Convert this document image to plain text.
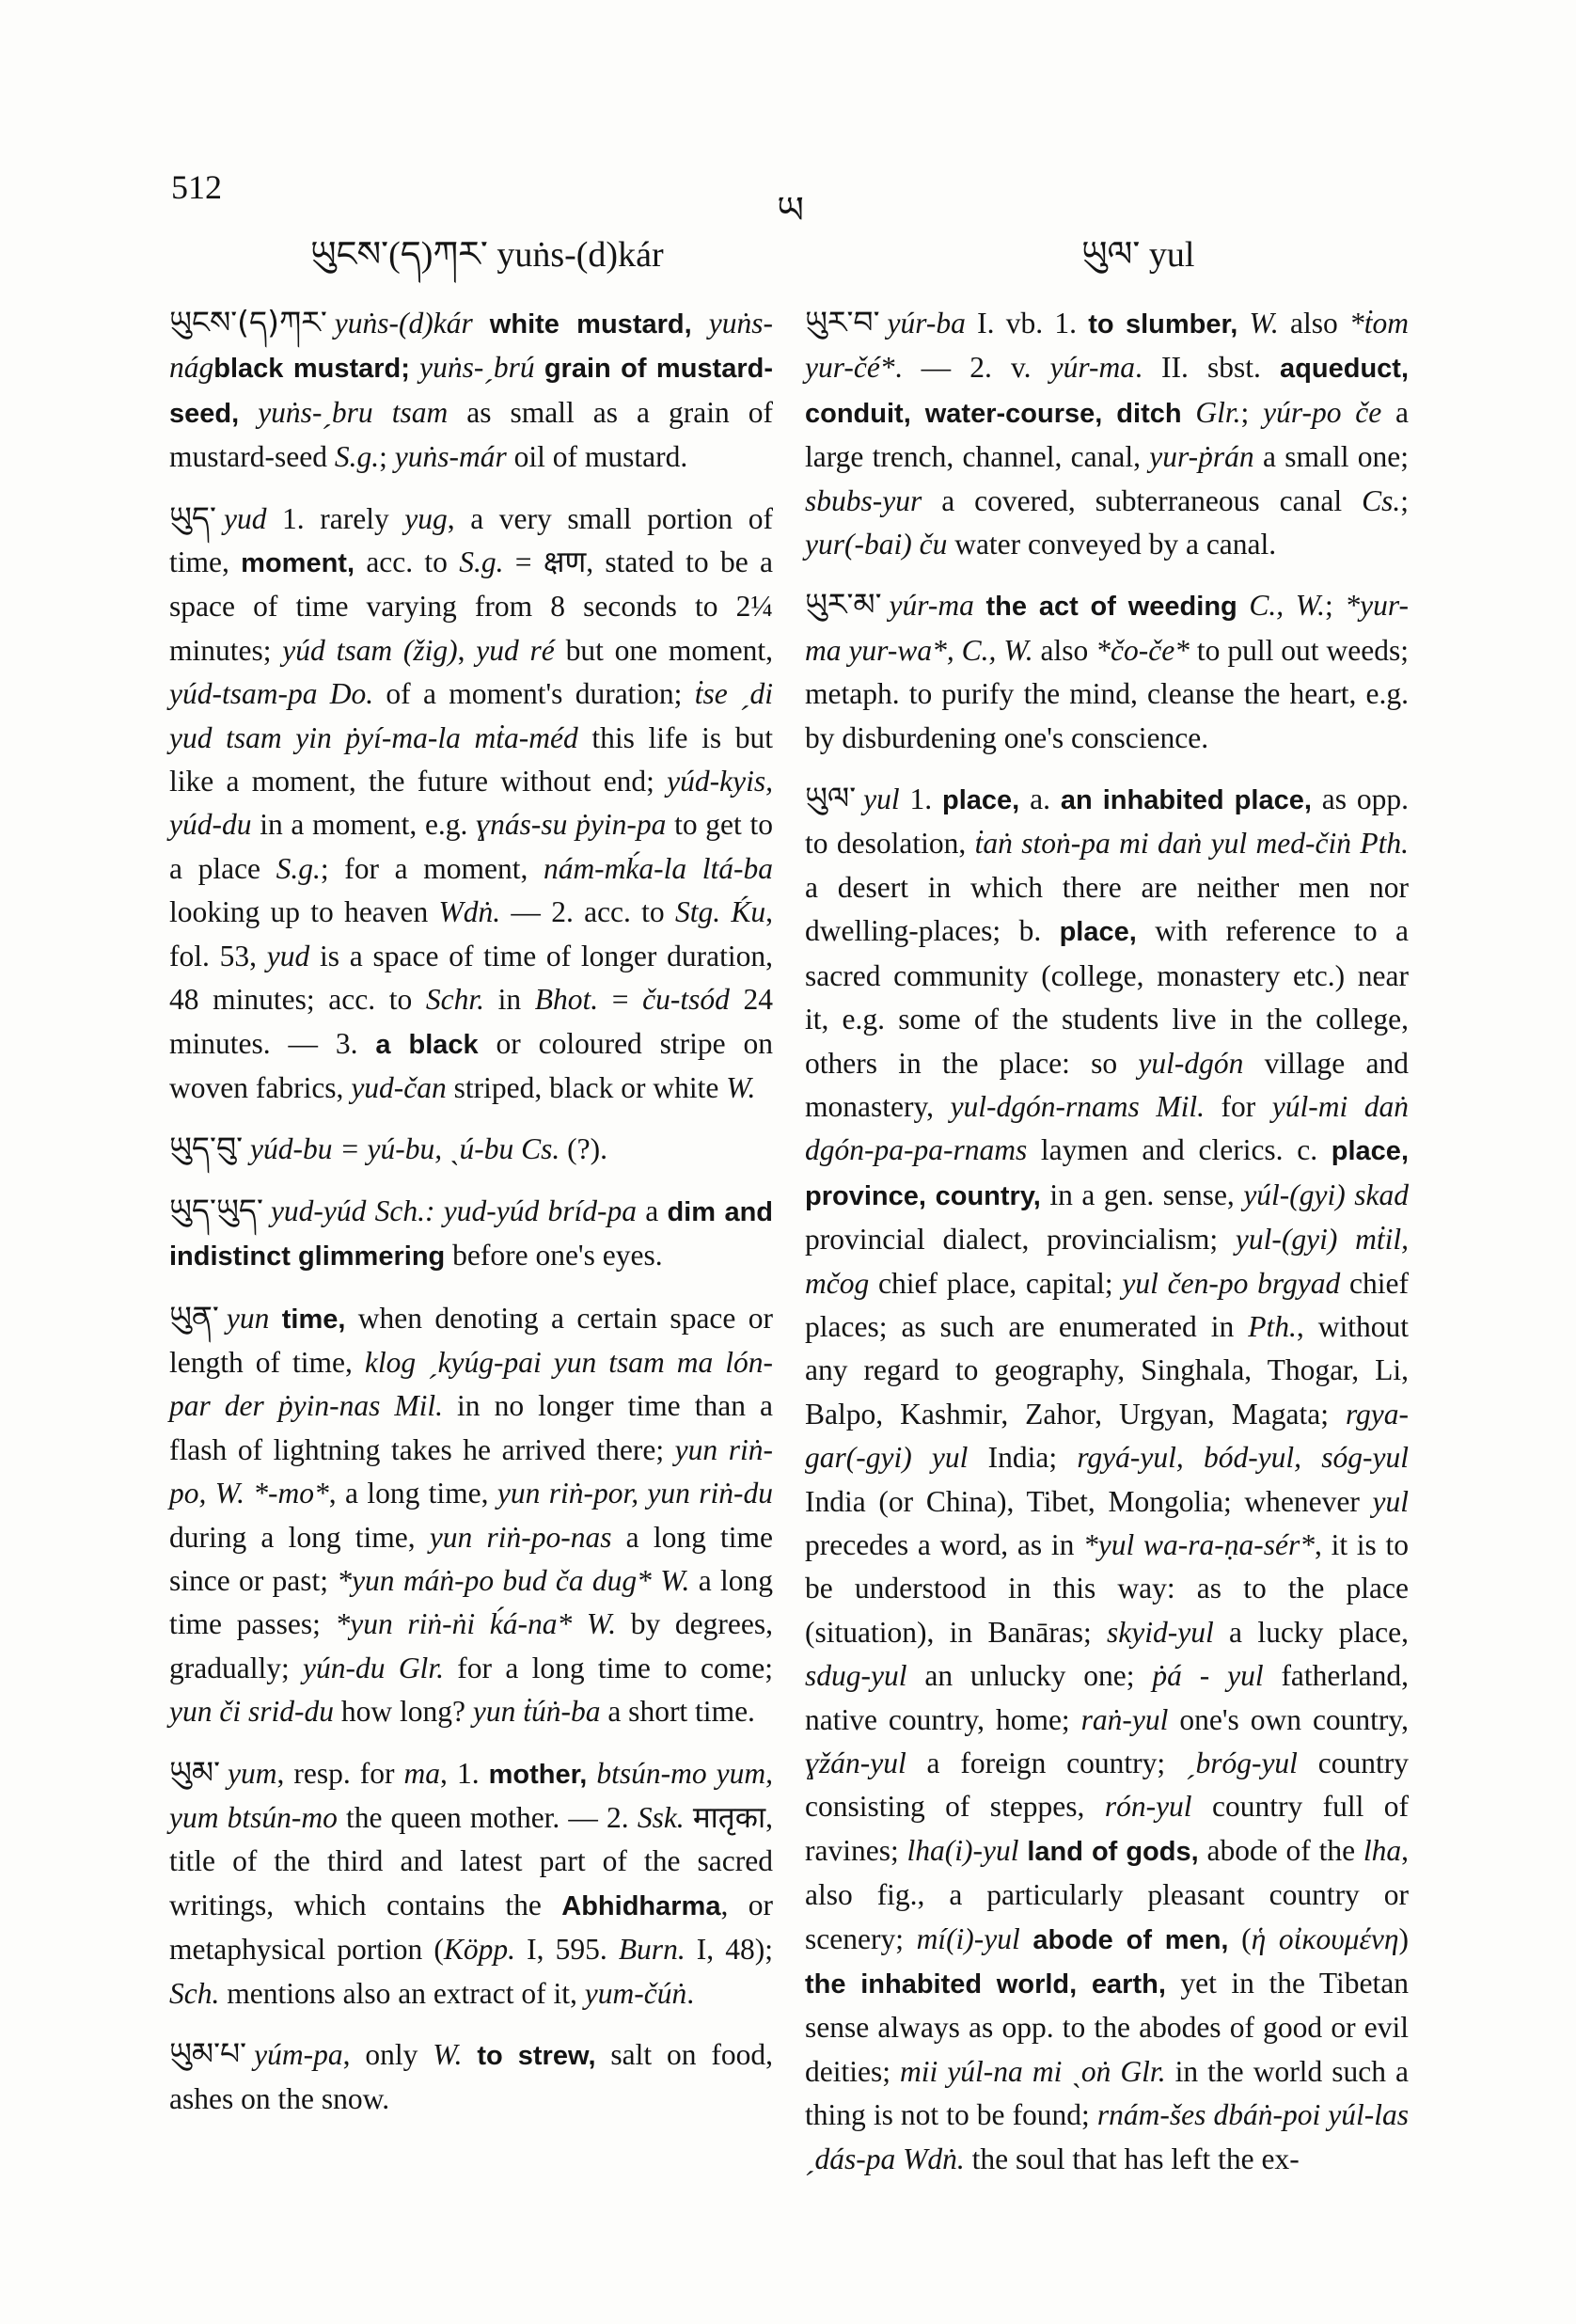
512
ཡ
ཡུངས་(ད)ཀར་ yuṅs-(d)kár	ཡུལ་ yul

ཡུངས་(ད)ཀར་ yuṅs-(d)kár white mustard, yuṅs-nágblack mustard; yuṅs-ˏbrú grain of mustard-seed, yuṅs-ˏbru tsam as small as a grain of mustard-seed S.g.; yuṅs-már oil of mustard.

ཡུད་ yud 1. rarely yug, a very small portion of time, moment, acc. to S.g. = क्षण, stated to be a space of time varying from 8 seconds to 2¼ minutes; yúd tsam (žig), yud ré but one moment, yúd-tsam-pa Do. of a moment's duration; ṫse ˏdi yud tsam yin ṗyí-ma-la mṫa-méd this life is but like a moment, the future without end; yúd-kyis, yúd-du in a moment, e.g. ɣnás-su ṗyin-pa to get to a place S.g.; for a moment, nám-mḱa-la ltá-ba looking up to heaven Wdṅ. — 2. acc. to Stg. Ḱu, fol. 53, yud is a space of time of longer duration, 48 minutes; acc. to Schr. in Bhot. = ču-tsód 24 minutes. — 3. a black or coloured stripe on woven fabrics, yud-čan striped, black or white W.

ཡུད་བུ་ yúd-bu = yú-bu, ˎú-bu Cs. (?).

ཡུད་ཡུད་ yud-yúd Sch.: yud-yúd bríd-pa a dim and indistinct glimmering before one's eyes.

ཡུན་ yun time, when denoting a certain space or length of time, klog ˏkyúg-pai yun tsam ma lón-par der ṗyin-nas Mil. in no longer time than a flash of lightning takes he arrived there; yun riṅ-po, W. *-mo*, a long time, yun riṅ-por, yun riṅ-du during a long time, yun riṅ-po-nas a long time since or past; *yun máṅ-po bud ča dug* W. a long time passes; *yun riṅ-ṅi ḱá-na* W. by degrees, gradually; yún-du Glr. for a long time to come; yun či srid-du how long? yun ṫúṅ-ba a short time.

ཡུམ་ yum, resp. for ma, 1. mother, btsún-mo yum, yum btsún-mo the queen mother. — 2. Ssk. मातृका, title of the third and latest part of the sacred writings, which contains the Abhidharma, or metaphysical portion (Köpp. I, 595. Burn. I, 48); Sch. mentions also an extract of it, yum-čúṅ.

ཡུམ་པ་ yúm-pa, only W. to strew, salt on food, ashes on the snow.

ཡུར་བ་ yúr-ba I. vb. 1. to slumber, W. also *ṫom yur-čé*. — 2. v. yúr-ma. II. sbst. aqueduct, conduit, water-course, ditch Glr.; yúr-po če a large trench, channel, canal, yur-ṗrán a small one; sbubs-yur a covered, subterraneous canal Cs.; yur(-bai) ču water conveyed by a canal.

ཡུར་མ་ yúr-ma the act of weeding C., W.; *yur-ma yur-wa*, C., W. also *čo-če* to pull out weeds; metaph. to purify the mind, cleanse the heart, e.g. by disburdening one's conscience.

ཡུལ་ yul 1. place, a. an inhabited place, as opp. to desolation, ṫaṅ stoṅ-pa mi daṅ yul med-čiṅ Pth. a desert in which there are neither men nor dwelling-places; b. place, with reference to a sacred community (college, monastery etc.) near it, e.g. some of the students live in the college, others in the place: so yul-dgón village and monastery, yul-dgón-rnams Mil. for yúl-mi daṅ dgón-pa-pa-rnams laymen and clerics. c. place, province, country, in a gen. sense, yúl-(gyi) skad provincial dialect, provincialism; yul-(gyi) mṫil, mčog chief place, capital; yul čen-po brgyad chief places; as such are enumerated in Pth., without any regard to geography, Singhala, Thogar, Li, Balpo, Kashmir, Zahor, Urgyan, Magata; rgya-gar(-gyi) yul India; rgyá-yul, bód-yul, sóg-yul India (or China), Tibet, Mongolia; whenever yul precedes a word, as in *yul wa-ra-ṇa-sér*, it is to be understood in this way: as to the place (situation), in Banāras; skyid-yul a lucky place, sdug-yul an unlucky one; ṗá - yul fatherland, native country, home; raṅ-yul one's own country, ɣžán-yul a foreign country; ˏbróg-yul country consisting of steppes, rón-yul country full of ravines; lha(i)-yul land of gods, abode of the lha, also fig., a particularly pleasant country or scenery; mí(i)-yul abode of men, (ἡ οἰκουμένη) the inhabited world, earth, yet in the Tibetan sense always as opp. to the abodes of good or evil deities; mii yúl-na mi ˎoṅ Glr. in the world such a thing is not to be found; rnám-šes dbáṅ-poi yúl-las ˏdás-pa Wdṅ. the soul that has left the ex-
